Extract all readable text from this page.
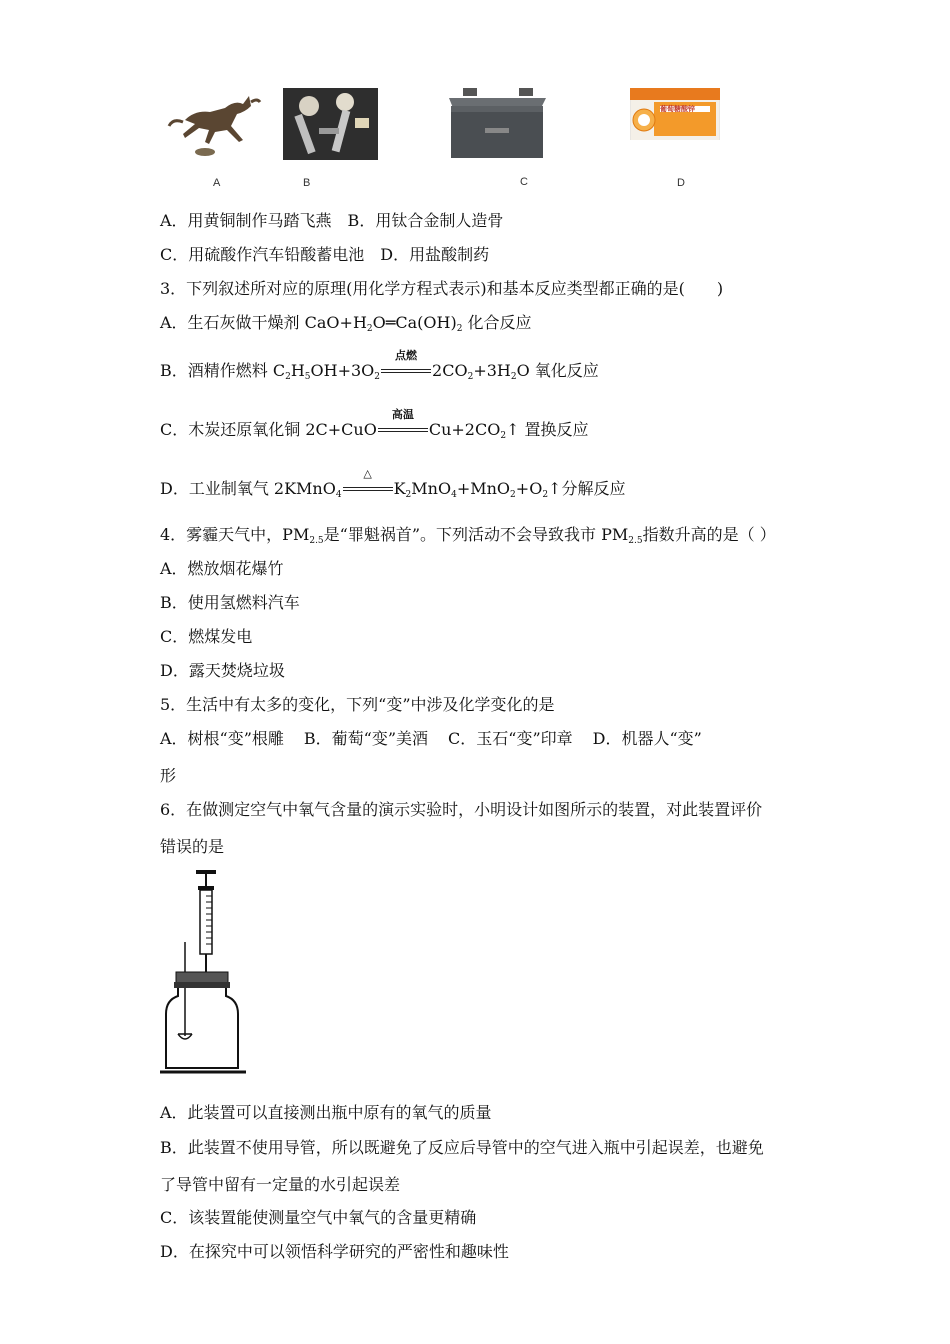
A	B	C
葡萄糖酸锌
D
A．用黄铜制作马踏飞燕　B．用钛合金制人造骨
C．用硫酸作汽车铅酸蓄电池　D．用盐酸制药
3．下列叙述所对应的原理(用化学方程式表示)和基本反应类型都正确的是(　　)
A．生石灰做干燥剂 $CaO+H_2O═Ca(OH)_2$ 化合反应
B．酒精作燃料 $C_2H_5OH+3O_2$
点燃
$2CO_2+3H_2O$ 氧化反应
C．木炭还原氧化铜 2C+CuO
高温
$Cu+2CO_2↑$ 置换反应
D．工业制氧气 2KMnO$_4$
△
$K_2MnO_4+MnO_2+O_2↑$分解反应
4．雾霾天气中，$PM_{2.5}$是“罪魁祸首”。下列活动不会导致我市 $PM_{2.5}$指数升高的是（ ）
A．燃放烟花爆竹
B．使用氢燃料汽车
C．燃煤发电
D．露天焚烧垃圾
5．生活中有太多的变化，下列“变”中涉及化学变化的是
A．树根“变”根雕 B．葡萄“变”美酒 C．玉石“变”印章 D．机器人“变”
形
6．在做测定空气中氧气含量的演示实验时，小明设计如图所示的装置，对此装置评价
错误的是
A．此装置可以直接测出瓶中原有的氧气的质量
B．此装置不使用导管，所以既避免了反应后导管中的空气进入瓶中引起误差，也避免
了导管中留有一定量的水引起误差
C．该装置能使测量空气中氧气的含量更精确
D．在探究中可以领悟科学研究的严密性和趣味性
